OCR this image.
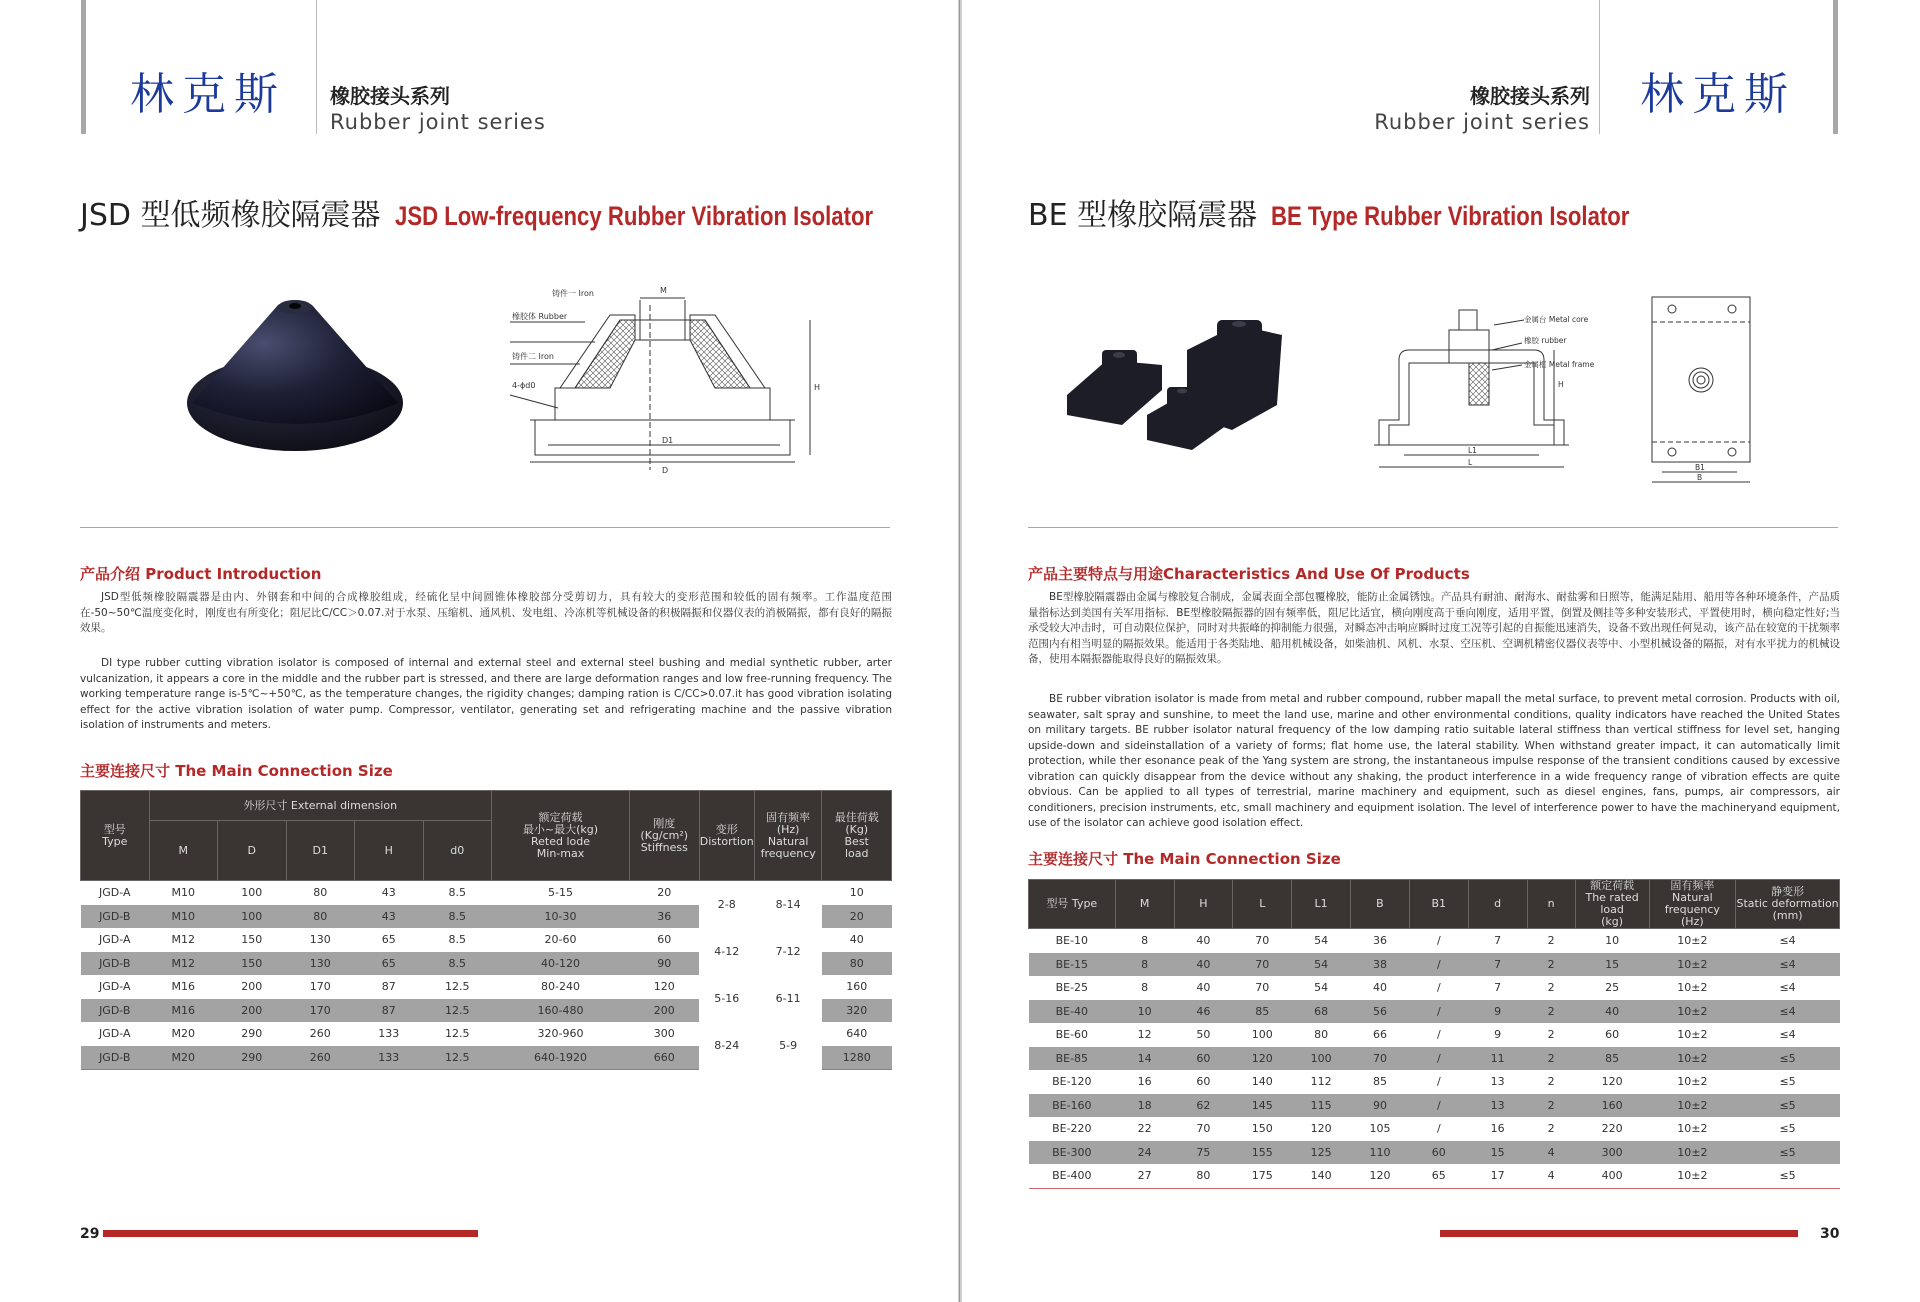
林克斯 橡胶接头系列
Rubber joint series
JSD 型低频橡胶隔震器 JSD Low-frequency Rubber Vibration Isolator
M
铸件一 Iron
橡胶体 Rubber
铸件二 Iron
4-ϕd0	H
D1
D
产品介绍 Product Introduction
JSD型低频橡胶隔震器是由内、外钢套和中间的合成橡胶组成，经硫化呈中间圆锥体橡胶部分受剪切力，具有较大的变形范围和较低的固有频率。工作温度范围在-50~50℃温度变化时，刚度也有所变化；阻尼比C/CC＞0.07.对于水泵、压缩机、通风机、发电组、冷冻机等机械设备的积极隔振和仪器仪表的消极隔振，都有良好的隔振效果。
DI type rubber cutting vibration isolator is composed of internal and external steel and external steel bushing and medial synthetic rubber, arter vulcanization, it appears a core in the middle and the rubber part is stressed, and there are large deformation ranges and low free-running frequency. The working temperature range is-5℃~+50℃, as the temperature changes, the rigidity changes; damping ration is C/CC>0.07.it has good vibration isolating effect for the active vibration isolation of water pump. Compressor, ventilator, generating set and refrigerating machine and the passive vibration isolation of instruments and meters.
主要连接尺寸 The Main Connection Size
型号
Type	外形尺寸 External dimension					额定荷载
最小~最大(kg)
Reted lode
Min-max	刚度
(Kg/cm²)
Stiffness	变形
Distortion	固有频率
(Hz)
Natural
frequency	最佳荷载
(Kg)
Best
load
	M	D	D1	H	d0					
JGD-A	M10	100	80	43	8.5	5-15	20	2-8	8-14	10
JGD-B	M10	100	80	43	8.5	10-30	36			20
JGD-A	M12	150	130	65	8.5	20-60	60	4-12	7-12	40
JGD-B	M12	150	130	65	8.5	40-120	90			80
JGD-A	M16	200	170	87	12.5	80-240	120	5-16	6-11	160
JGD-B	M16	200	170	87	12.5	160-480	200			320
JGD-A	M20	290	260	133	12.5	320-960	300	8-24	5-9	640
JGD-B	M20	290	260	133	12.5	640-1920	660			1280
29
橡胶接头系列
Rubber joint series
林克斯
BE 型橡胶隔震器 BE Type Rubber Vibration Isolator
金属台 Metal core
橡胶 rubber
金属框 Metal frame
H
L1
L
B1
B
产品主要特点与用途Characteristics And Use Of Products
BE型橡胶隔震器由金属与橡胶复合制成，金属表面全部包覆橡胶，能防止金属锈蚀。产品具有耐油、耐海水、耐盐雾和日照等，能满足陆用、船用等各种环境条件，产品质量指标达到美国有关军用指标．BE型橡胶隔振器的固有频率低，阻尼比适宜，横向刚度高于垂向刚度，适用平置，倒置及侧挂等多种安装形式，平置使用时，横向稳定性好;当承受较大冲击时，可自动限位保护，同时对共振峰的抑制能力很强，对瞬态冲击响应瞬时过度工况等引起的自振能迅速消失，设备不致出现任何晃动，该产品在较宽的干扰频率范围内有相当明显的隔振效果。能适用于各类陆地、船用机械设备，如柴油机、风机、水泵、空压机、空调机精密仪器仪表等中、小型机械设备的隔振，对有水平扰力的机械设备，使用本隔振器能取得良好的隔振效果。
BE rubber vibration isolator is made from metal and rubber compound, rubber mapall the metal surface, to prevent metal corrosion. Products with oil, seawater, salt spray and sunshine, to meet the land use, marine and other environmental conditions, quality indicators have reached the United States on military targets. BE rubber isolator natural frequency of the low damping ratio suitable lateral stiffness than vertical stiffness for level set, hanging upside-down and sideinstallation of a variety of forms; flat home use, the lateral stability. When withstand greater impact, it can automatically limit protection, while ther esonance peak of the Yang system are strong, the instantaneous impulse response of the transient conditions caused by excessive vibration can quickly disappear from the device without any shaking, the product interference in a wide frequency range of vibration effects are quite obvious. Can be applied to all types of terrestrial, marine machinery and equipment, such as diesel engines, fans, pumps, air compressors, air conditioners, precision instruments, etc, small machinery and equipment isolation. The level of interference power to have the machineryand equipment, use of the isolator can achieve good isolation effect.
主要连接尺寸 The Main Connection Size
型号 Type	M	H	L	L1	B	B1	d	n	额定荷载
The rated load
(kg)	固有频率
Natural frequency
(Hz)	静变形
Static deformation
(mm)
BE-10	8	40	70	54	36	/	7	2	10	10±2	≤4
BE-15	8	40	70	54	38	/	7	2	15	10±2	≤4
BE-25	8	40	70	54	40	/	7	2	25	10±2	≤4
BE-40	10	46	85	68	56	/	9	2	40	10±2	≤4
BE-60	12	50	100	80	66	/	9	2	60	10±2	≤4
BE-85	14	60	120	100	70	/	11	2	85	10±2	≤5
BE-120	16	60	140	112	85	/	13	2	120	10±2	≤5
BE-160	18	62	145	115	90	/	13	2	160	10±2	≤5
BE-220	22	70	150	120	105	/	16	2	220	10±2	≤5
BE-300	24	75	155	125	110	60	15	4	300	10±2	≤5
BE-400	27	80	175	140	120	65	17	4	400	10±2	≤5
30
